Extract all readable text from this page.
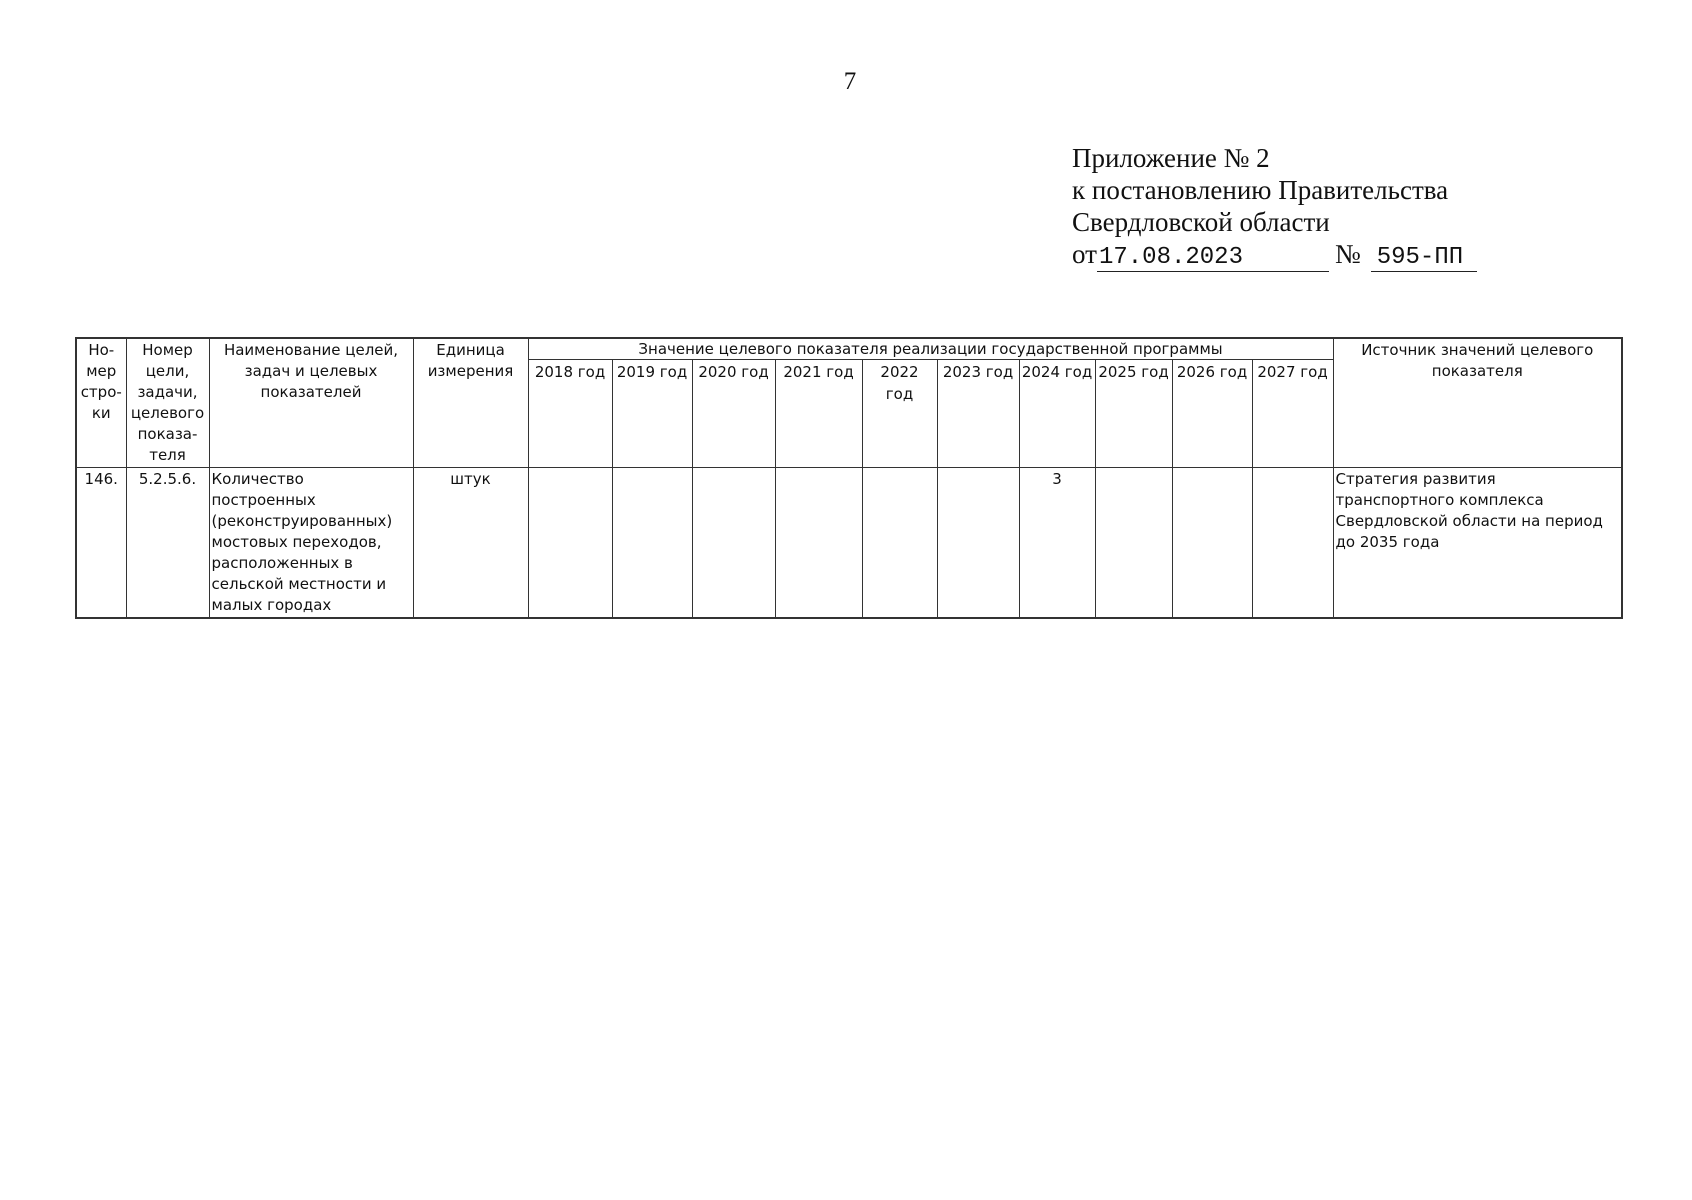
7
Приложение № 2
к постановлению Правительства
Свердловской области
от17.08.2023	№ 595-ПП
Но-мер стро-ки	Номер цели, задачи, целевого показа-теля	Наименование целей, задач и целевых показателей	Единица измерения	Значение целевого показателя реализации государственной программы										Источник значений целевого показателя
				2018 год	2019 год	2020 год	2021 год	2022 год	2023 год	2024 год	2025 год	2026 год	2027 год	
146.	5.2.5.6.	Количество построенных (реконструированных) мостовых переходов, расположенных в сельской местности и малых городах	штук							3				Стратегия развития транспортного комплекса Свердловской области на период до 2035 года
